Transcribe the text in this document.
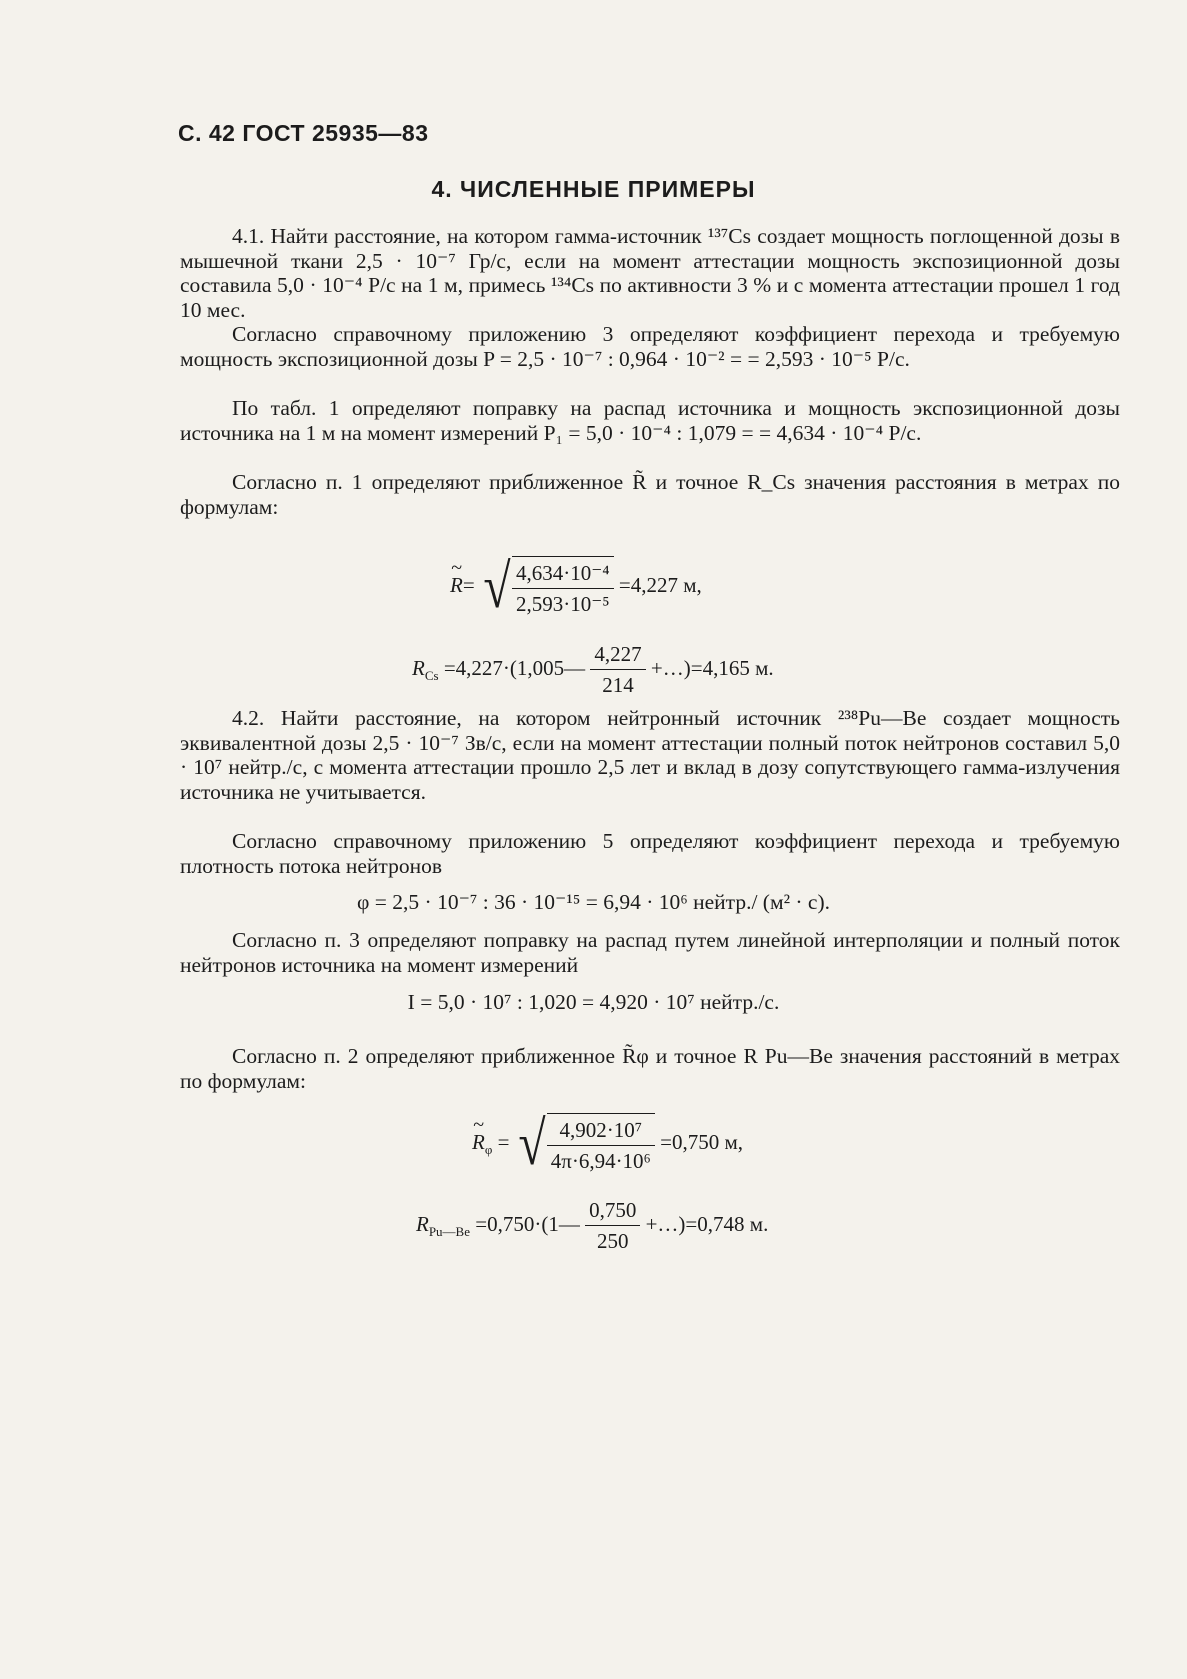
С. 42 ГОСТ 25935—83
4. ЧИСЛЕННЫЕ ПРИМЕРЫ
4.1. Найти расстояние, на котором гамма-источник ¹³⁷Cs создает мощность поглощенной дозы в мышечной ткани 2,5 · 10⁻⁷ Гр/с, если на момент аттестации мощность экспозиционной дозы составила 5,0 · 10⁻⁴ Р/с на 1 м, примесь ¹³⁴Cs по активности 3 % и с момента аттестации прошел 1 год 10 мес.
Согласно справочному приложению 3 определяют коэффициент перехода и требуемую мощность экспозиционной дозы P = 2,5 · 10⁻⁷ : 0,964 · 10⁻² = = 2,593 · 10⁻⁵ Р/с.
По табл. 1 определяют поправку на распад источника и мощность экспозиционной дозы источника на 1 м на момент измерений P₁ = 5,0 · 10⁻⁴ : 1,079 = = 4,634 · 10⁻⁴ Р/с.
Согласно п. 1 определяют приближенное R̃ и точное R_Cs значения расстояния в метрах по формулам:
~ R= √ $\frac{\text{4,634·10⁻⁴}}{\text{2,593·10⁻⁵}} =4,227$ м,
$R_{Cs}$ =4,227·(1,005— $\frac{4,227}{214}$ +…)=4,165 м.
4.2. Найти расстояние, на котором нейтронный источник ²³⁸Pu—Be создает мощность эквивалентной дозы 2,5 · 10⁻⁷ Зв/с, если на момент аттестации полный поток нейтронов составил 5,0 · 10⁷ нейтр./с, с момента аттестации прошло 2,5 лет и вклад в дозу сопутствующего гамма-излучения источника не учитывается.
Согласно справочному приложению 5 определяют коэффициент перехода и требуемую плотность потока нейтронов
φ = 2,5 · 10⁻⁷ : 36 · 10⁻¹⁵ = 6,94 · 10⁶ нейтр./ (м² · с).
Согласно п. 3 определяют поправку на распад путем линейной интерполяции и полный поток нейтронов источника на момент измерений
I = 5,0 · 10⁷ : 1,020 = 4,920 · 10⁷ нейтр./с.
Согласно п. 2 определяют приближенное R̃φ и точное R Pu—Be значения расстояний в метрах по формулам:
~ $R_\varphi$ = √ $\frac{\text{4,902·10⁷}}{\text{4π·6,94·10⁶}} =0,750$ м,
$R_{Pu—Be}$ =0,750·(1— $\frac{0,750}{250}$ +…)=0,748 м.
